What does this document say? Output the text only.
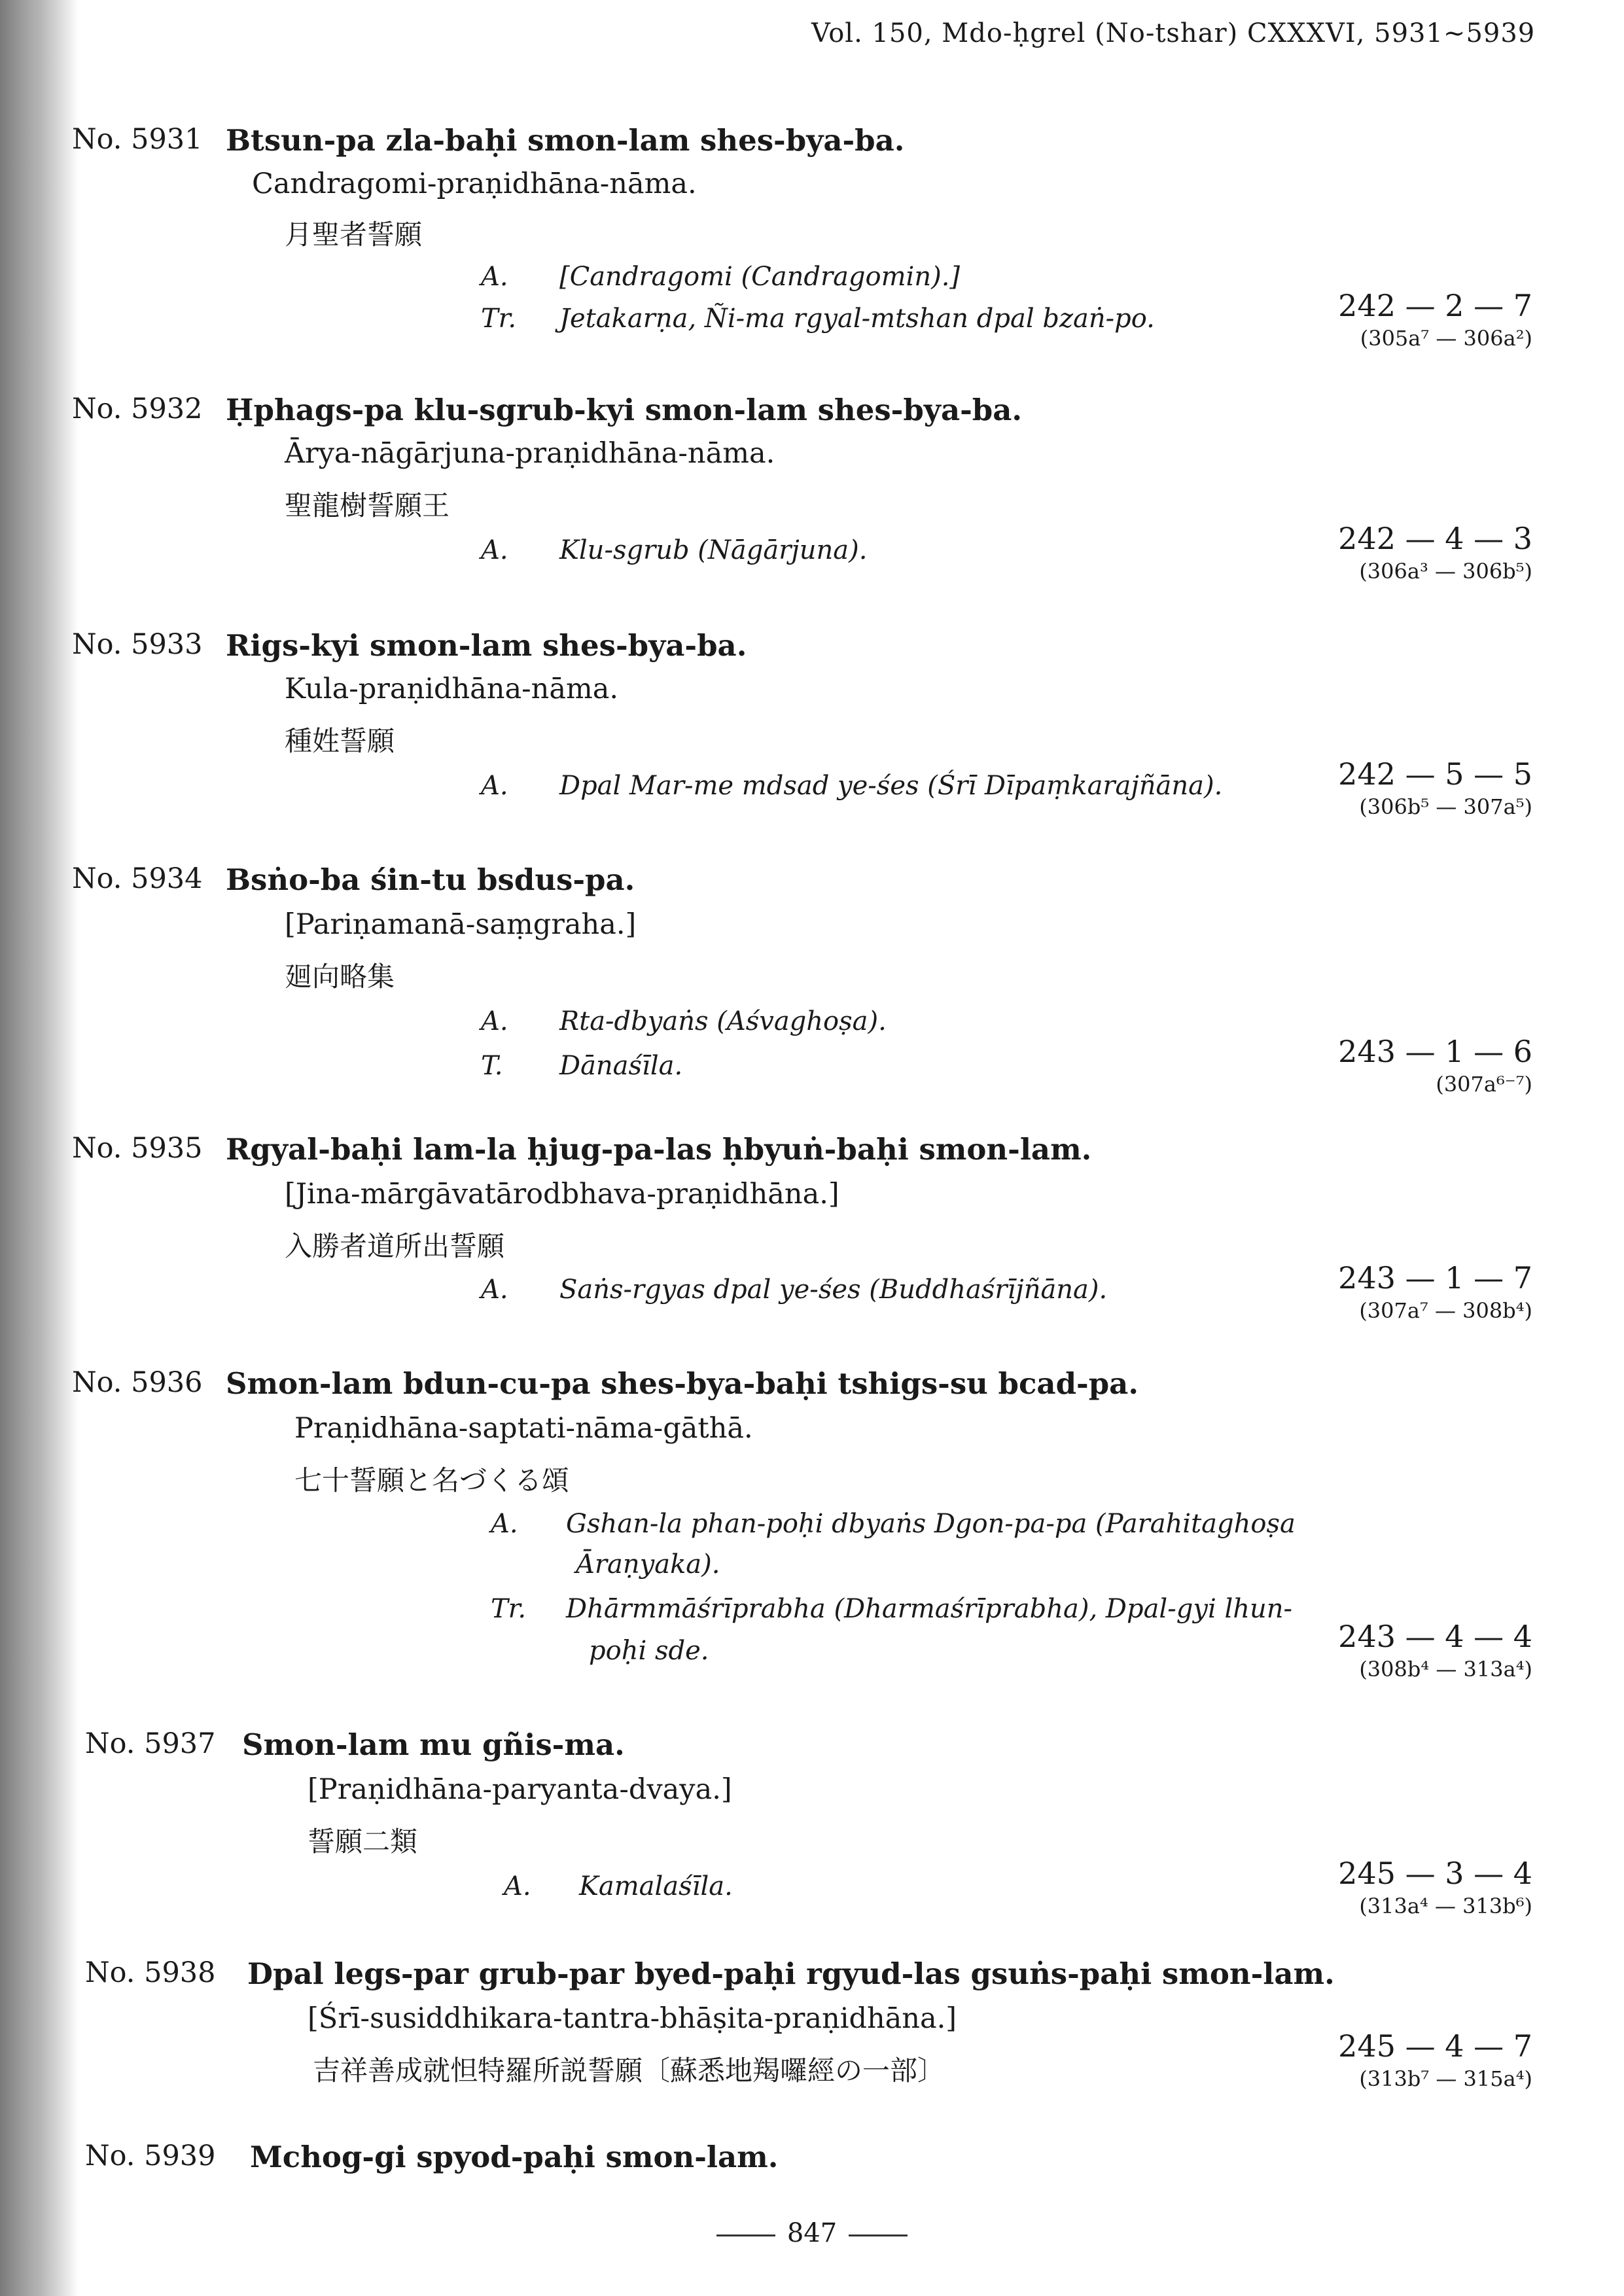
Vol. 150, Mdo-ḥgrel (No-tshar) CXXXVI, 5931~5939
No. 5931 Btsun-pa zla-baḥi smon-lam shes-bya-ba.
Candragomi-praṇidhāna-nāma.
月聖者誓願
A. [Candragomi (Candragomin).]
Tr. Jetakarṇa, Ñi-ma rgyal-mtshan dpal bzaṅ-po.	242 — 2 — 7
(305a⁷ — 306a²)
No. 5932 Ḥphags-pa klu-sgrub-kyi smon-lam shes-bya-ba.
Ārya-nāgārjuna-praṇidhāna-nāma.
聖龍樹誓願王
A. Klu-sgrub (Nāgārjuna).	242 — 4 — 3
(306a³ — 306b⁵)
No. 5933 Rigs-kyi smon-lam shes-bya-ba.
Kula-praṇidhāna-nāma.
種姓誓願
A. Dpal Mar-me mdsad ye-śes (Śrī Dīpaṃkarajñāna).	242 — 5 — 5
(306b⁵ — 307a⁵)
No. 5934 Bsṅo-ba śin-tu bsdus-pa.
[Pariṇamanā-saṃgraha.]
廻向略集
A. Rta-dbyaṅs (Aśvaghoṣa).
T. Dānaśīla.	243 — 1 — 6
(307a⁶⁻⁷)
No. 5935 Rgyal-baḥi lam-la ḥjug-pa-las ḥbyuṅ-baḥi smon-lam.
[Jina-mārgāvatārodbhava-praṇidhāna.]
入勝者道所出誓願
A. Saṅs-rgyas dpal ye-śes (Buddhaśrījñāna).	243 — 1 — 7
(307a⁷ — 308b⁴)
No. 5936 Smon-lam bdun-cu-pa shes-bya-baḥi tshigs-su bcad-pa.
Praṇidhāna-saptati-nāma-gāthā.
七十誓願と名づくる頌
A. Gshan-la phan-poḥi dbyaṅs Dgon-pa-pa (Parahitaghoṣa
Āraṇyaka).
Tr. Dhārmmāśrīprabha (Dharmaśrīprabha), Dpal-gyi lhun-
poḥi sde.	243 — 4 — 4
(308b⁴ — 313a⁴)
No. 5937 Smon-lam mu gñis-ma.
[Praṇidhāna-paryanta-dvaya.]
誓願二類
A. Kamalaśīla.	245 — 3 — 4
(313a⁴ — 313b⁶)
No. 5938 Dpal legs-par grub-par byed-paḥi rgyud-las gsuṅs-paḥi smon-lam.
[Śrī-susiddhikara-tantra-bhāṣita-praṇidhāna.]
吉祥善成就怛特羅所説誓願〔蘇悉地羯囉經の一部〕
245 — 4 — 7
(313b⁷ — 315a⁴)
No. 5939 Mchog-gi spyod-paḥi smon-lam.
847
